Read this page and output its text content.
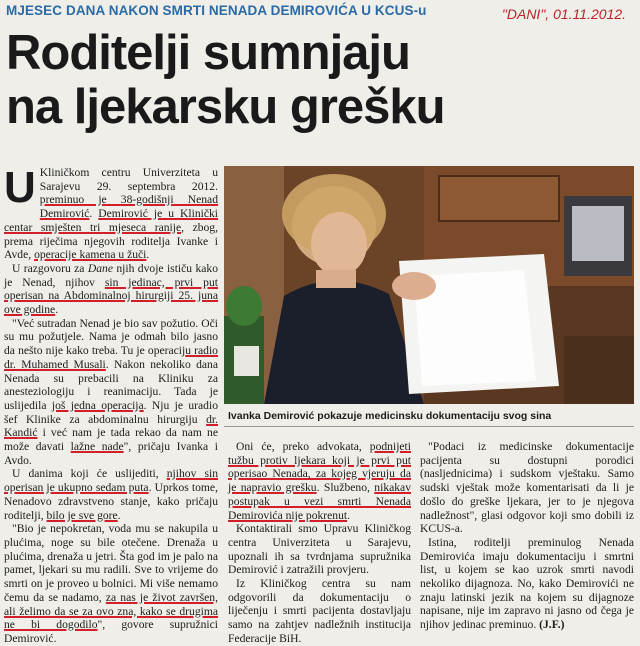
MJESEC DANA NAKON SMRTI NENADA DEMIROVIĆA U KCUS-u	"DANI", 01.11.2012.
Roditelji sumnjaju
na ljekarsku grešku

U Kliničkom centru Univerziteta u Sarajevu 29. septembra 2012. preminuo je 38-godišnji Nenad Demirović. Demirović je u Klinički centar smješten tri mjeseca ranije, zbog, prema riječima njegovih roditelja Ivanke i Avde, operacije kamena u žuči.

U razgovoru za Dane njih dvoje ističu kako je Nenad, njihov sin jedinac, prvi put operisan na Abdominalnoj hirurgiji 25. juna ove godine.

"Već sutradan Nenad je bio sav požutio. Oči su mu požutjele. Nama je odmah bilo jasno da nešto nije kako treba. Tu je operaciju radio dr. Muhamed Musali. Nakon nekoliko dana Nenada su prebacili na Kliniku za anesteziologiju i reanimaciju. Tada je uslijedila još jedna operacija. Nju je uradio šef Klinike za abdominalnu hirurgiju dr. Kandić i već nam je tada rekao da nam ne može davati lažne nade", pričaju Ivanka i Avdo.

U danima koji će uslijediti, njihov sin operisan je ukupno sedam puta. Uprkos tome, Nenadovo zdravstveno stanje, kako pričaju roditelji, bilo je sve gore.

"Bio je nepokretan, voda mu se nakupila u plućima, noge su bile otečene. Drenaža u plućima, drenaža u jetri. Šta god im je palo na pamet, ljekari su mu radili. Sve to vrijeme do smrti on je proveo u bolnici. Mi više nemamo čemu da se nadamo, za nas je život završen, ali želimo da se za ovo zna, kako se drugima ne bi dogodilo", govore supružnici Demirović.

Ivanka Demirović pokazuje medicinsku dokumentaciju svog sina

Oni će, preko advokata, podnijeti tužbu protiv ljekara koji je prvi put operisao Nenada, za kojeg vjeruju da je napravio grešku. Službeno, nikakav postupak u vezi smrti Nenada Demirovića nije pokrenut.

Kontaktirali smo Upravu Kliničkog centra Univerziteta u Sarajevu, upoznali ih sa tvrdnjama supružnika Demirović i zatražili provjeru.

Iz Kliničkog centra su nam odgovorili da dokumentaciju o liječenju i smrti pacijenta dostavljaju samo na zahtjev nadležnih institucija Federacije BiH.

"Podaci iz medicinske dokumentacije pacijenta su dostupni porodici (nasljednicima) i sudskom vještaku. Samo sudski vještak može komentarisati da li je došlo do greške ljekara, jer to je njegova nadležnost", glasi odgovor koji smo dobili iz KCUS-a.

Istina, roditelji preminulog Nenada Demirovića imaju dokumentaciju i smrtni list, u kojem se kao uzrok smrti navodi nekoliko dijagnoza. No, kako Demirovići ne znaju latinski jezik na kojem su dijagnoze napisane, nije im zapravo ni jasno od čega je njihov jedinac preminuo. (J.F.)
